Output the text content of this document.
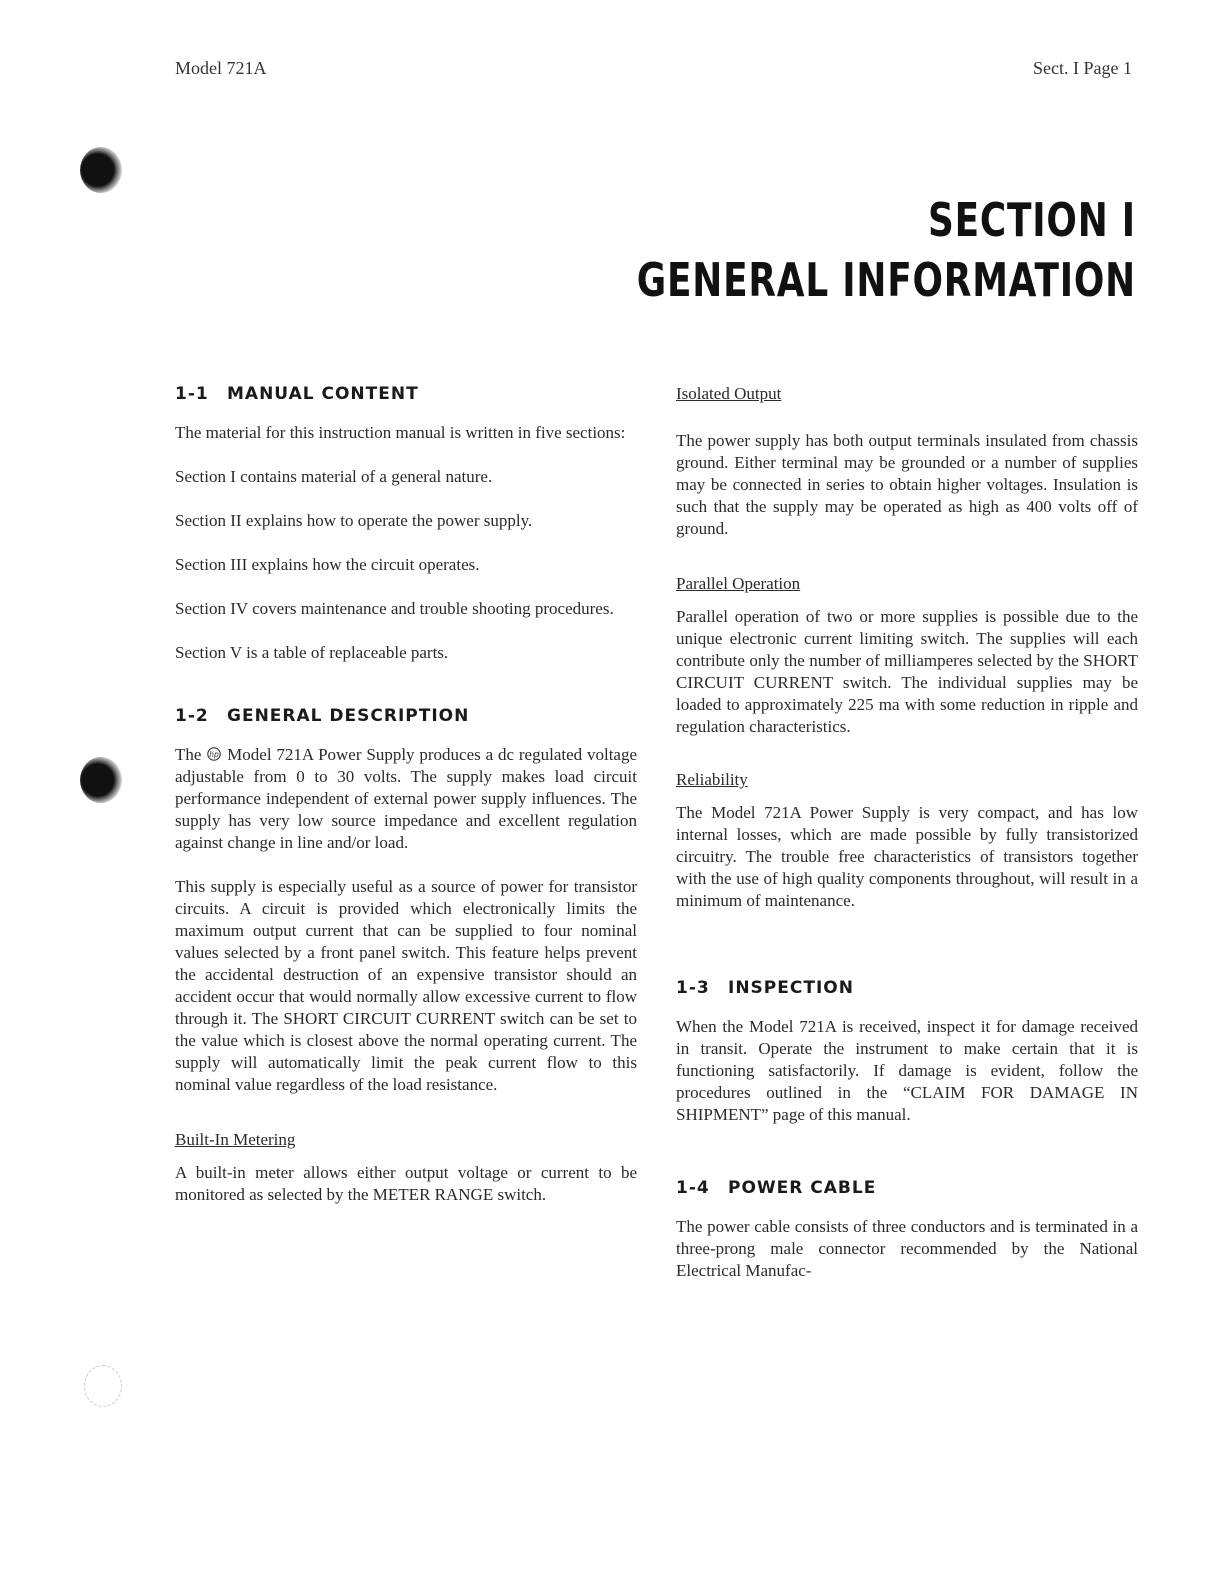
Model 721A	Sect. I Page 1
SECTION I
GENERAL INFORMATION
1-1 MANUAL CONTENT

The material for this instruction manual is written in five sections:

Section I contains material of a general nature.

Section II explains how to operate the power supply.

Section III explains how the circuit operates.

Section IV covers maintenance and trouble shooting procedures.

Section V is a table of replaceable parts.

1-2 GENERAL DESCRIPTION

The hp Model 721A Power Supply produces a dc regulated voltage adjustable from 0 to 30 volts. The supply makes load circuit performance independent of external power supply influences. The supply has very low source impedance and excellent regulation against change in line and/or load.

This supply is especially useful as a source of power for transistor circuits. A circuit is provided which electronically limits the maximum output current that can be supplied to four nominal values selected by a front panel switch. This feature helps prevent the accidental destruction of an expensive transistor should an accident occur that would normally allow excessive current to flow through it. The SHORT CIRCUIT CURRENT switch can be set to the value which is closest above the normal operating current. The supply will automatically limit the peak current flow to this nominal value regardless of the load resistance.

Built-In Metering

A built-in meter allows either output voltage or current to be monitored as selected by the METER RANGE switch.

Isolated Output

The power supply has both output terminals insulated from chassis ground. Either terminal may be grounded or a number of supplies may be connected in series to obtain higher voltages. Insulation is such that the supply may be operated as high as 400 volts off of ground.

Parallel Operation

Parallel operation of two or more supplies is possible due to the unique electronic current limiting switch. The supplies will each contribute only the number of milliamperes selected by the SHORT CIRCUIT CURRENT switch. The individual supplies may be loaded to approximately 225 ma with some reduction in ripple and regulation characteristics.

Reliability

The Model 721A Power Supply is very compact, and has low internal losses, which are made possible by fully transistorized circuitry. The trouble free characteristics of transistors together with the use of high quality components throughout, will result in a minimum of maintenance.

1-3 INSPECTION

When the Model 721A is received, inspect it for damage received in transit. Operate the instrument to make certain that it is functioning satisfactorily. If damage is evident, follow the procedures outlined in the “CLAIM FOR DAMAGE IN SHIPMENT” page of this manual.

1-4 POWER CABLE

The power cable consists of three conductors and is terminated in a three-prong male connector recommended by the National Electrical Manufac-
